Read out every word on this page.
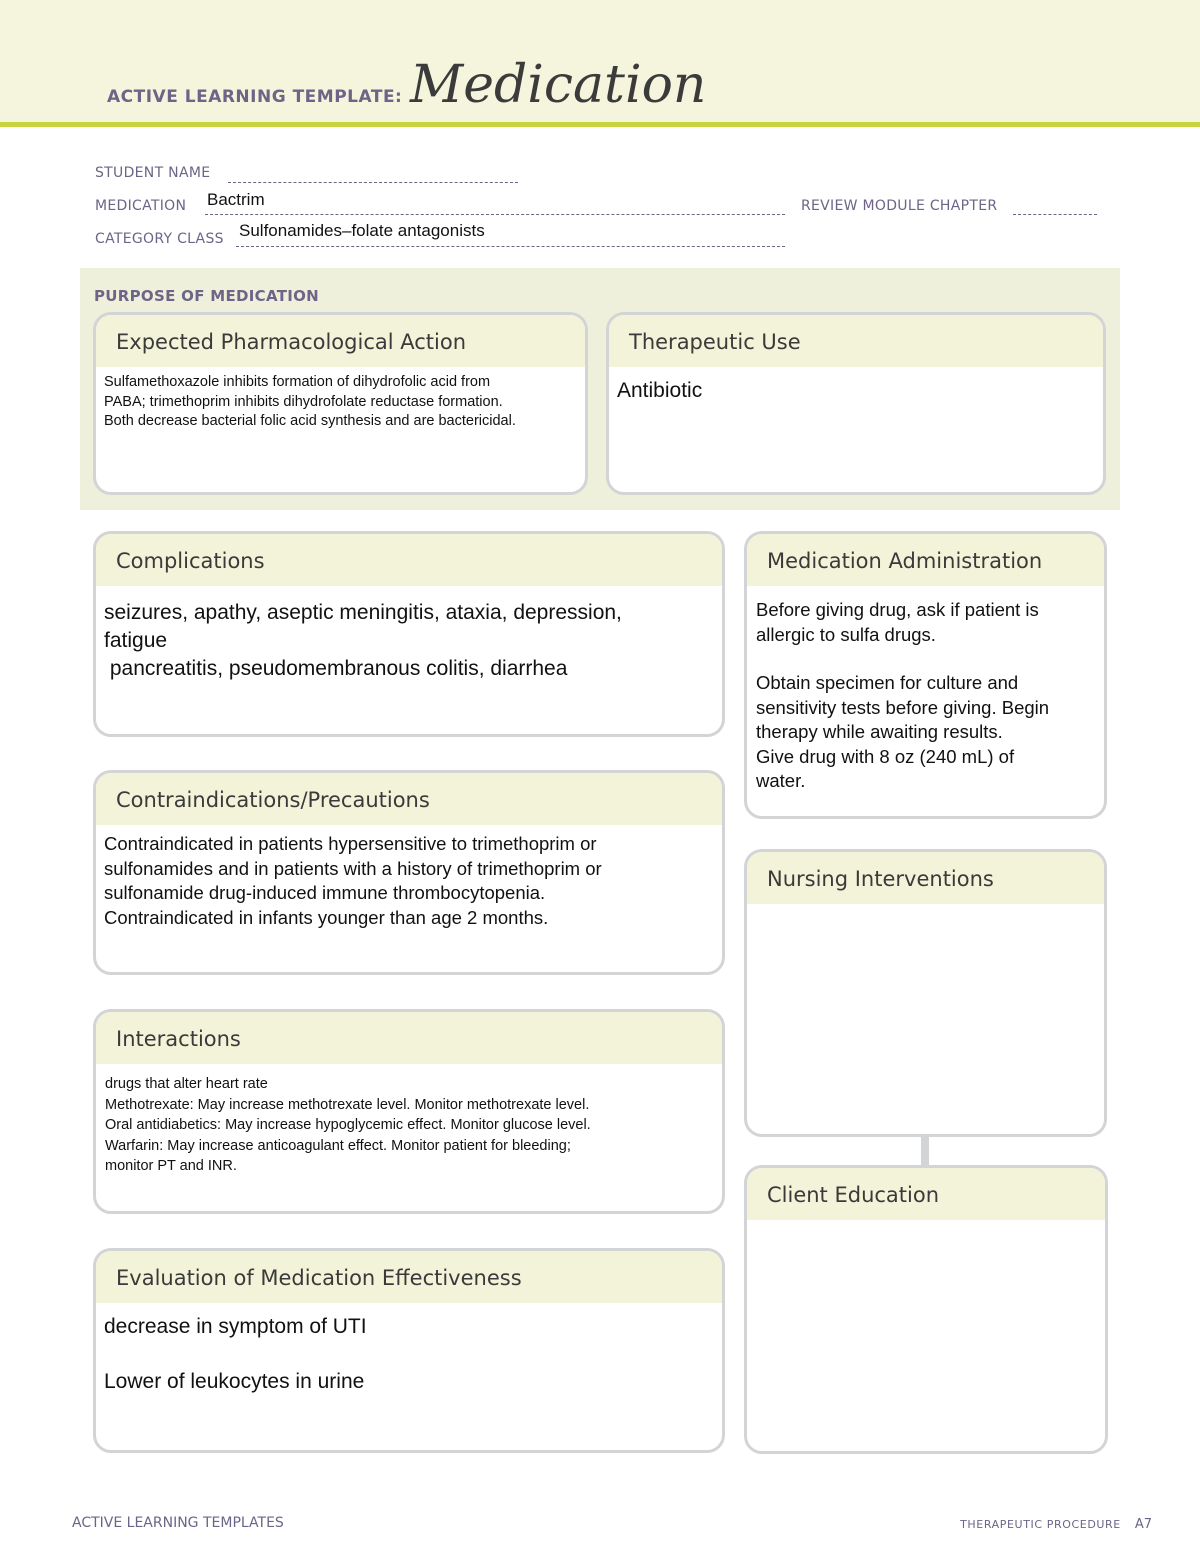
ACTIVE LEARNING TEMPLATE: Medication
STUDENT NAME
MEDICATION Bactrim	REVIEW MODULE CHAPTER
CATEGORY CLASS Sulfonamides–folate antagonists
PURPOSE OF MEDICATION
Expected Pharmacological Action

Sulfamethoxazole inhibits formation of dihydrofolic acid from

PABA; trimethoprim inhibits dihydrofolate reductase formation.

Both decrease bacterial folic acid synthesis and are bactericidal.

Therapeutic Use
Antibiotic
Complications

seizures, apathy, aseptic meningitis, ataxia, depression,

fatigue

pancreatitis, pseudomembranous colitis, diarrhea

Contraindications/Precautions

Contraindicated in patients hypersensitive to trimethoprim or

sulfonamides and in patients with a history of trimethoprim or

sulfonamide drug-induced immune thrombocytopenia.

Contraindicated in infants younger than age 2 months.

Interactions

drugs that alter heart rate

Methotrexate: May increase methotrexate level. Monitor methotrexate level.

Oral antidiabetics: May increase hypoglycemic effect. Monitor glucose level.

Warfarin: May increase anticoagulant effect. Monitor patient for bleeding;

monitor PT and INR.

Evaluation of Medication Effectiveness

decrease in symptom of UTI

Lower of leukocytes in urine

Medication Administration

Before giving drug, ask if patient is

allergic to sulfa drugs.

Obtain specimen for culture and

sensitivity tests before giving. Begin

therapy while awaiting results.

Give drug with 8 oz (240 mL) of

water.

Nursing Interventions
Client Education
ACTIVE LEARNING TEMPLATES	THERAPEUTIC PROCEDURE A7
